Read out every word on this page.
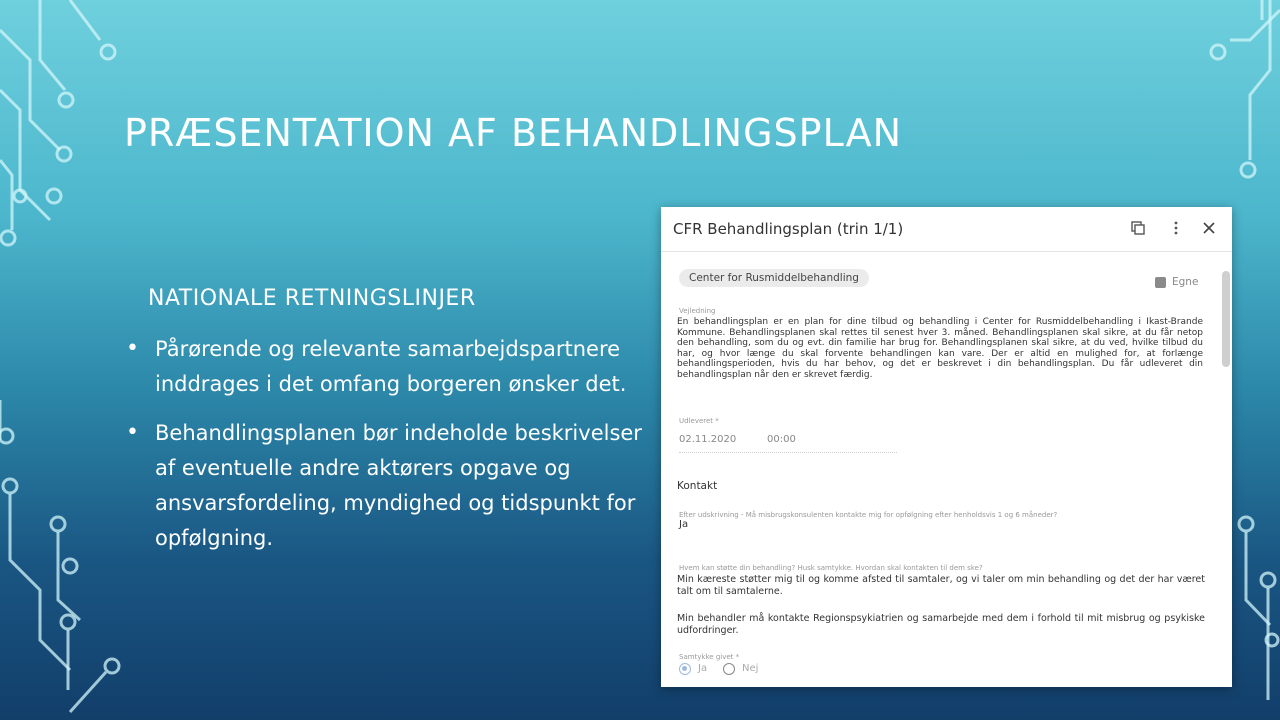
PRÆSENTATION AF BEHANDLINGSPLAN
NATIONALE RETNINGSLINJER
• Pårørende og relevante samarbejdspartnere inddrages i det omfang borgeren ønsker det.
• Behandlingsplanen bør indeholde beskrivelser af eventuelle andre aktørers opgave og ansvarsfordeling, myndighed og tidspunkt for opfølgning.
CFR Behandlingsplan (trin 1/1)
Center for Rusmiddelbehandling	Egne
Vejledning
En behandlingsplan er en plan for dine tilbud og behandling i Center for Rusmiddelbehandling i Ikast-Brande Kommune. Behandlingsplanen skal rettes til senest hver 3. måned. Behandlingsplanen skal sikre, at du får netop den behandling, som du og evt. din familie har brug for. Behandlingsplanen skal sikre, at du ved, hvilke tilbud du har, og hvor længe du skal forvente behandlingen kan vare. Der er altid en mulighed for, at forlænge behandlingsperioden, hvis du har behov, og det er beskrevet i din behandlingsplan. Du får udleveret din behandlingsplan når den er skrevet færdig.
Udleveret *
02.11.2020	00:00
Kontakt
Efter udskrivning - Må misbrugskonsulenten kontakte mig for opfølgning efter henholdsvis 1 og 6 måneder?
Ja
Hvem kan støtte din behandling? Husk samtykke. Hvordan skal kontakten til dem ske?
Min kæreste støtter mig til og komme afsted til samtaler, og vi taler om min behandling og det der har været talt om til samtalerne.
Min behandler må kontakte Regionspsykiatrien og samarbejde med dem i forhold til mit misbrug og psykiske udfordringer.
Samtykke givet *
Ja	Nej
